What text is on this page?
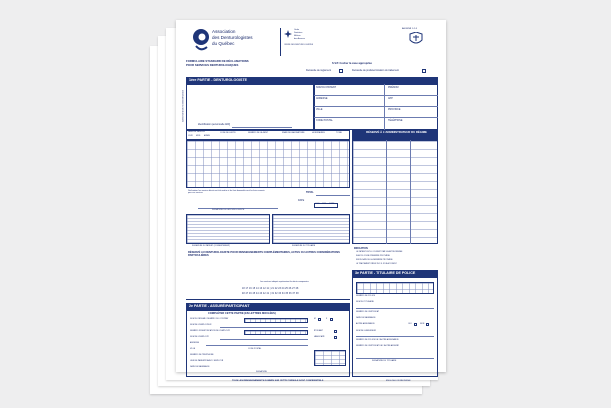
Association
des Denturologistes
du Québec
Ordre
Dentistes
Métiers
des Assures
ORDRE DES DENTUROLOGISTES
ABONNÉ 1-2-3
FORMULAIRE STANDARD DE RÉCLAMATIONS
POUR SERVICES DENTUROLOGIQUES	S.V.P. Cocher la case appropriée
Demande de règlement	Demande de prédétermination du traitement
1ère PARTIE - DENTUROLOGISTE
NOM ET ADRESSE DU DENTUROLOGISTE
Identification personnelle ADQ
NOM DU PATIENT	PRÉNOM
ADRESSE	APP
VILLE	PROVINCE
CODE POSTAL	TÉLÉPHONE
DATE DE SERVICE
JOUR MOIS ANNÉE
CODE DE L'ACTE	NUMÉRO DE LA DENT	FRAIS DE LABORATOIRE	HONORAIRES	TOTAL
Déclaration: les services décrits ont été rendus et les frais demandés sont les frais courants pour ces services	TOTAL
DATE
JOUR MOIS ANNÉE
SIGNATURE DU DENTUROLOGISTE
SIGNATURE DU PATIENT (CONSENTEMENT)	SIGNATURE DU TITULAIRE
RÉSERVÉ AU DENTUROLOGISTE POUR RENSEIGNEMENTS COMPLÉMENTAIRES, ACTES OU AUTRES CONSIDÉRATIONS PARTICULIÈRES
Les numéros indiqués représentent les dents manquantes
18 17 16 15 14 13 12 11 | 21 22 23 24 25 26 27 28
48 47 46 45 44 43 42 41 | 31 32 33 34 35 36 37 38
RÉSERVÉ À L'ADMINISTRATEUR DU RÉGIME
INDICATION
LE PATIENT EST-IL COUVERT PAR UN AUTRE RÉGIME
S'AGIT-IL D'UNE PREMIÈRE PROTHÈSE
SINON DATE DE LA DERNIÈRE PROTHÈSE
LE TRAITEMENT RÉSULTE-T-IL D'UN ACCIDENT
3e PARTIE - TITULAIRE DE POLICE
NUMÉRO DE POLICE
NOM DU TITULAIRE
NUMÉRO DE CERTIFICAT
DATE DE NAISSANCE
AUTRE ASSURANCE	OUI	NON
NOM DE L'ASSUREUR
NUMÉRO DE POLICE DE L'AUTRE ASSURANCE
NUMÉRO DE CERTIFICAT DE L'AUTRE ASSURÉ
SIGNATURE DU TITULAIRE
2e PARTIE - ASSURÉ/PARTICIPANT
COMPLÉTER CETTE PARTIE (EN LETTRES MOULÉES)
NOM DU RÉGIME / NUMÉRO DU CONTRAT
NOM DE L'EMPLOYEUR
NUMÉRO D'IDENTIFICATION DE L'EMPLOYÉ
NOM DE L'EMPLOYÉ
ADRESSE
VILLE	CODE POSTAL
NUMÉRO DE TÉLÉPHONE
LIEN DE PARENTÉ AVEC L'EMPLOYÉ
DATE DE NAISSANCE
SIGNATURE
M	F
ÉTUDIANT
HANDICAPÉ
TOUS LES RENSEIGNEMENTS DONNÉS SUR CETTE FORMULE SONT CONFIDENTIELS	ENGLISH ON REVERSE
